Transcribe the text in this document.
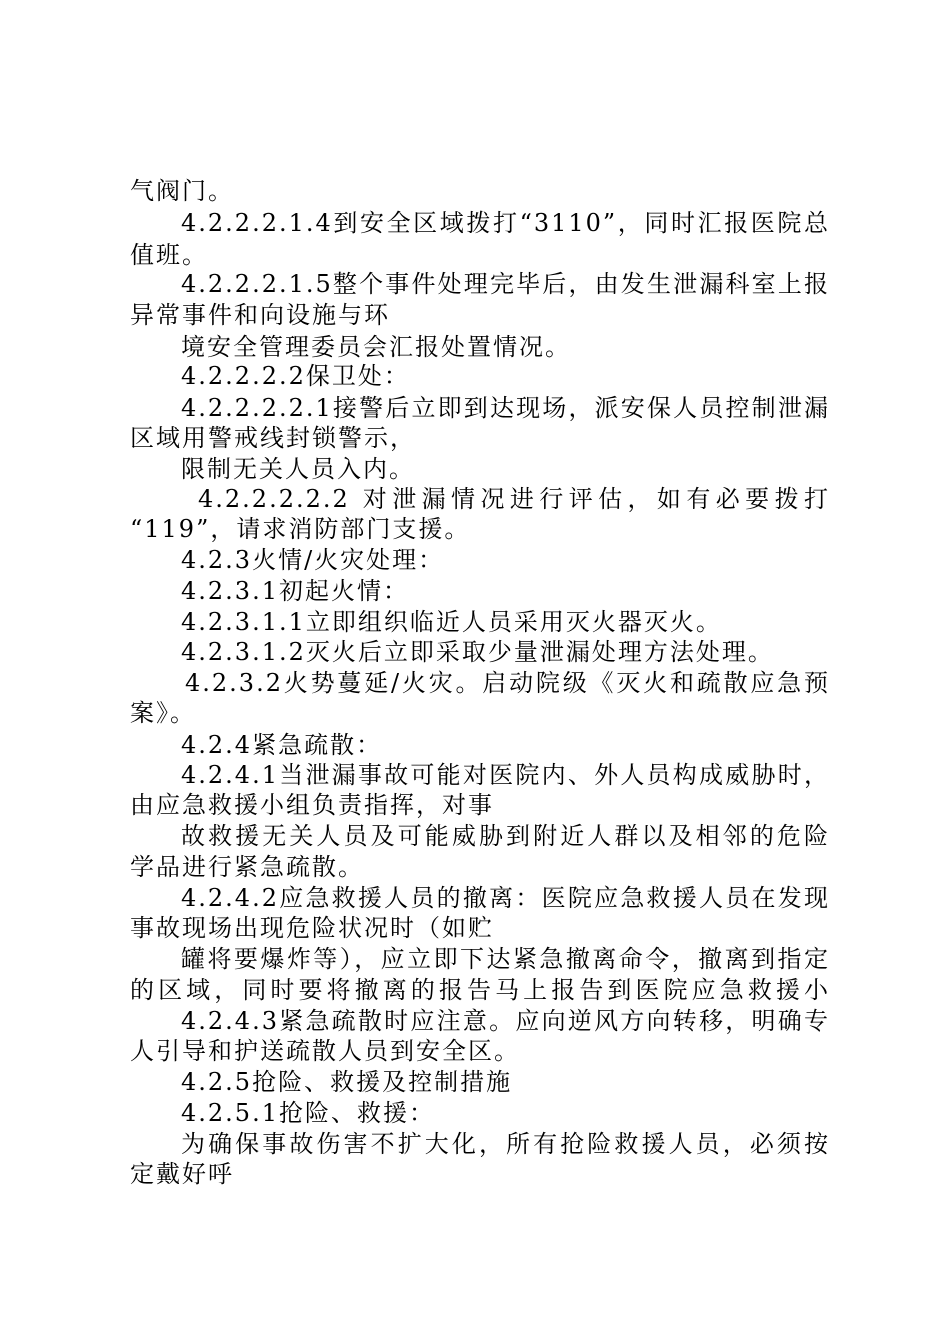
气阀门。
4.2.2.2.1.4到安全区域拨打“3110”，同时汇报医院总
值班。
4.2.2.2.1.5整个事件处理完毕后，由发生泄漏科室上报
异常事件和向设施与环
境安全管理委员会汇报处置情况。
4.2.2.2.2保卫处：
4.2.2.2.2.1接警后立即到达现场，派安保人员控制泄漏
区域用警戒线封锁警示，
限制无关人员入内。
4.2.2.2.2.2 对泄漏情况进行评估，如有必要拨打
“119”，请求消防部门支援。
4.2.3火情/火灾处理：
4.2.3.1初起火情：
4.2.3.1.1立即组织临近人员采用灭火器灭火。
4.2.3.1.2灭火后立即采取少量泄漏处理方法处理。
4.2.3.2火势蔓延/火灾。启动院级《灭火和疏散应急预
案》。
4.2.4紧急疏散：
4.2.4.1当泄漏事故可能对医院内、外人员构成威胁时，
由应急救援小组负责指挥，对事
故救援无关人员及可能威胁到附近人群以及相邻的危险
学品进行紧急疏散。
4.2.4.2应急救援人员的撤离：医院应急救援人员在发现
事故现场出现危险状况时（如贮
罐将要爆炸等），应立即下达紧急撤离命令，撤离到指定
的区域，同时要将撤离的报告马上报告到医院应急救援小
4.2.4.3紧急疏散时应注意。应向逆风方向转移，明确专
人引导和护送疏散人员到安全区。
4.2.5抢险、救援及控制措施
4.2.5.1抢险、救援：
为确保事故伤害不扩大化，所有抢险救援人员，必须按
定戴好呼
